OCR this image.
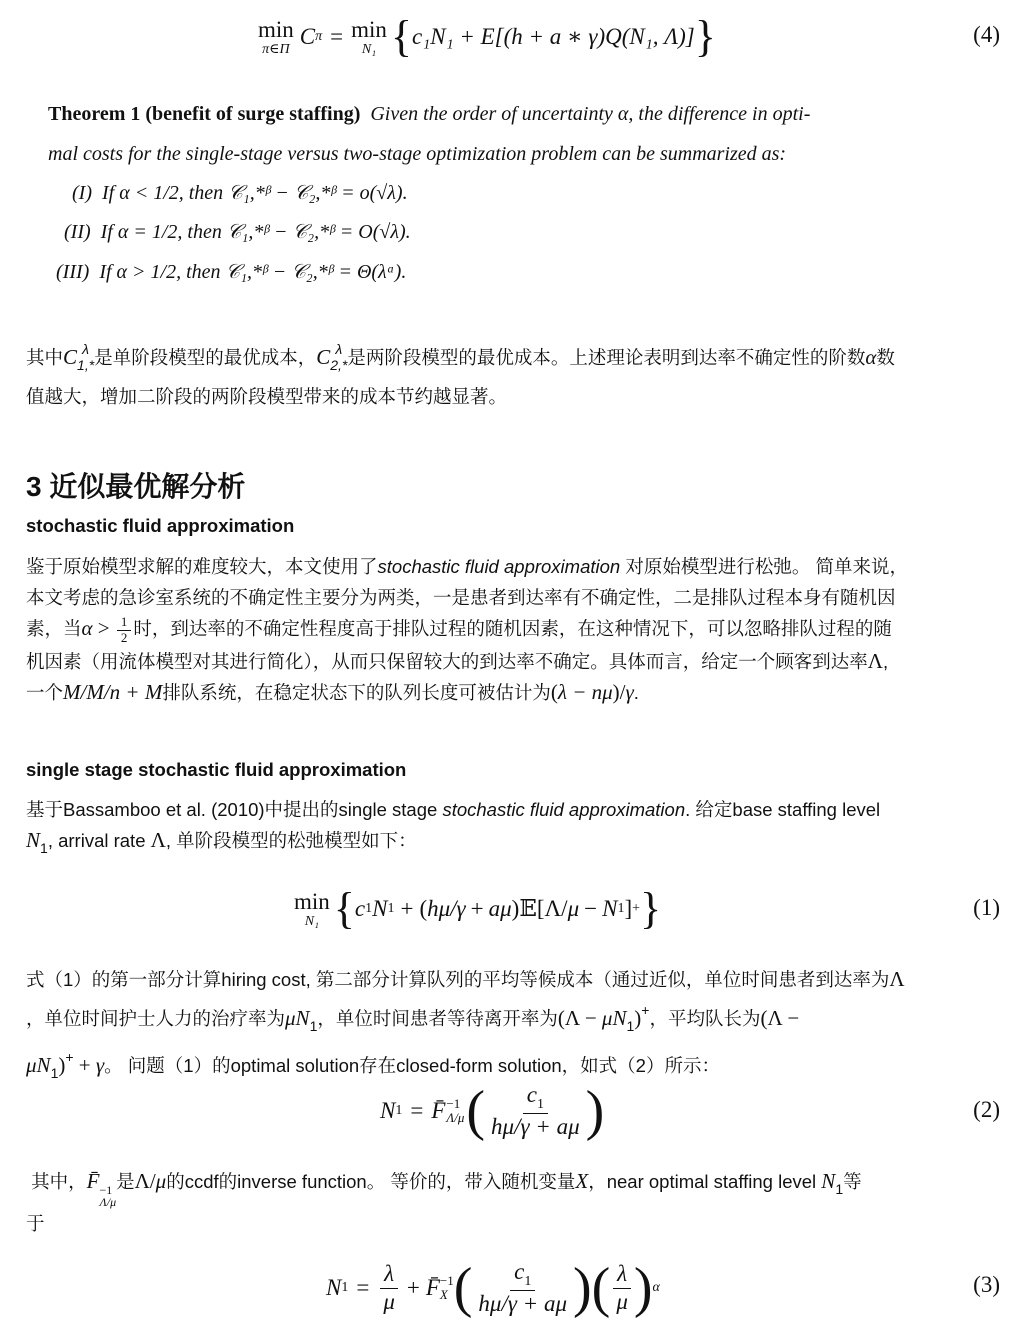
min
π∈Π
C π = min
N₁ { c₁N₁ + E[(h + a ∗ γ)Q(N₁, Λ)] }	(4)
Theorem 1 (benefit of surge staffing) Given the order of uncertainty α, the difference in opti-
mal costs for the single-stage versus two-stage optimization problem can be summarized as:
(I) If α < 1/2, then 𝒞₁,*ᵝ − 𝒞₂,*ᵝ = o(√λ).
(II) If α = 1/2, then 𝒞₁,*ᵝ − 𝒞₂,*ᵝ = O(√λ).
(III) If α > 1/2, then 𝒞₁,*ᵝ − 𝒞₂,*ᵝ = Θ(λᵅ).
其中$C_{1,*}^\lambda$ 是单阶段模型的最优成本，$C_{2,*}^\lambda$ 是两阶段模型的最优成本。上述理论表明到达率不确定性的阶数α数
值越大，增加二阶段的两阶段模型带来的成本节约越显著。
3 近似最优解分析
stochastic fluid approximation
鉴于原始模型求解的难度较大，本文使用了stochastic fluid approximation 对原始模型进行松弛。 简单来说，
本文考虑的急诊室系统的不确定性主要分为两类，一是患者到达率有不确定性，二是排队过程本身有随机因
素，当$\alpha > \frac{1}{2}$ 时，到达率的不确定性程度高于排队过程的随机因素，在这种情况下，可以忽略排队过程的随
机因素（用流体模型对其进行简化），从而只保留较大的到达率不确定。具体而言，给定一个顾客到达率Λ,
一个M/M/n + M排队系统，在稳定状态下的队列长度可被估计为(λ − nμ)/γ.
single stage stochastic fluid approximation
基于Bassamboo et al. (2010)中提出的single stage stochastic fluid approximation. 给定base staffing level
$N_1$, arrival rate Λ, 单阶段模型的松弛模型如下：
min
N₁ { c 1 N 1 + ( hμ/γ + aμ )𝔼[Λ/ μ − N 1 ] + }	(1)
式（1）的第一部分计算hiring cost, 第二部分计算队列的平均等候成本（通过近似，单位时间患者到达率为Λ
，单位时间护士人力的治疗率为$\mu N_1$，单位时间患者等待离开率为$(\Lambda - \mu N_1)^+$，平均队长为(Λ −
$\mu N_1)^+ + \gamma$。 问题（1）的optimal solution存在closed-form solution，如式（2）所示：
N 1 = F̄ −1
Λ/μ ( $\frac{c_1}{h\mu/\gamma + a\mu}$ )	(2)
其中，F̄ −1
Λ/μ
是Λ/μ的ccdf的inverse function。 等价的，带入随机变量X，near optimal staffing level $N_1$等
于
N $1 = \frac{\lambda}{\mu}$ + F̄ −1
X ( $\frac{c_1}{h\mu/\gamma + a\mu}$ ) ( $\frac{\lambda}{\mu}$ ) α	(3)
